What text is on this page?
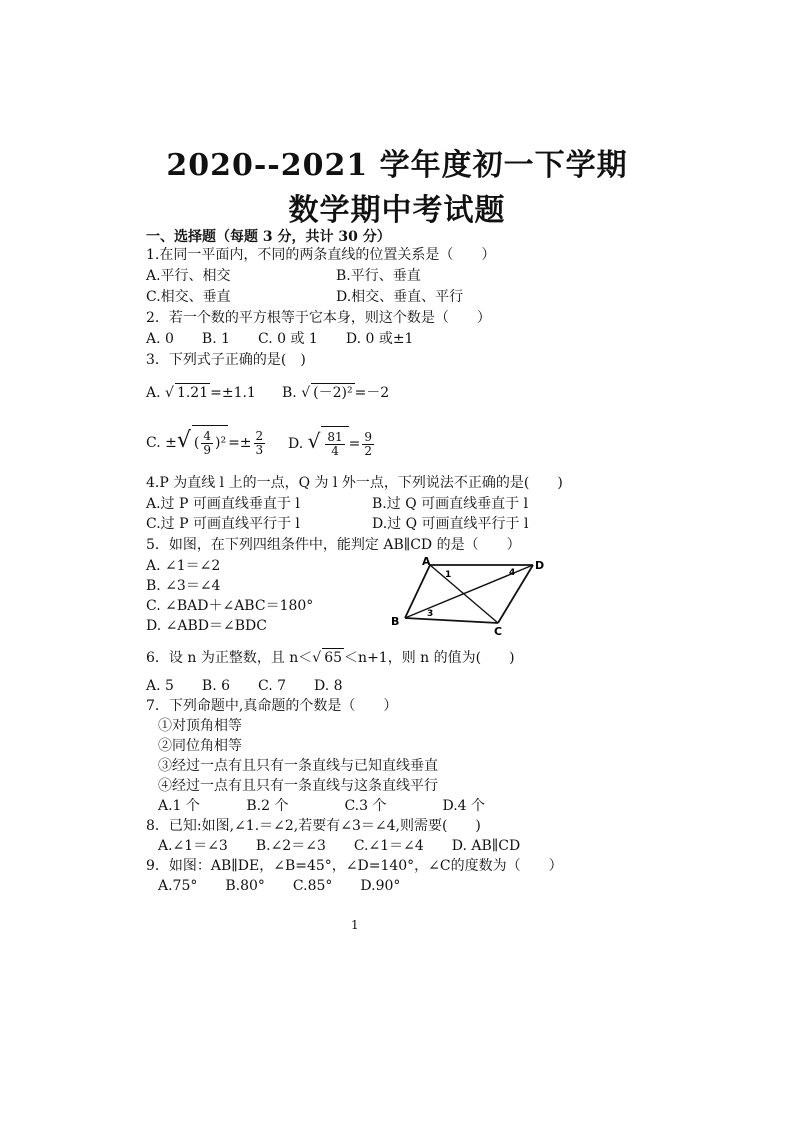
2020--2021 学年度初一下学期
数学期中考试题
一、选择题（每题 3 分，共计 30 分）
1.在同一平面内，不同的两条直线的位置关系是（　　）
A.平行、相交	B.平行、垂直
C.相交、垂直	D.相交、垂直、平行
2．若一个数的平方根等于它本身，则这个数是（　　）
A. 0　　B. 1　　C. 0 或 1　　D. 0 或±1
3．下列式子正确的是(　)
A. √ 1.21 =±1.1 B. √ (－2)² =－2
C. ±√ ( $\frac{4}{9} )^2 =\pm \frac{2}{3} D$. √ $\frac{81}{4} = \frac{9}{2}$
4.P 为直线 l 上的一点，Q 为 l 外一点，下列说法不正确的是(　　)
A.过 P 可画直线垂直于 l	B.过 Q 可画直线垂直于 l
C.过 P 可画直线平行于 l	D.过 Q 可画直线平行于 l
5．如图，在下列四组条件中，能判定 AB∥CD 的是（　　）
A. ∠1＝∠2
B. ∠3＝∠4
C. ∠BAD＋∠ABC＝180°
D. ∠ABD＝∠BDC
A	D
B
C
1	4
3
6．设 n 为正整数，且 n＜√ 65 ＜n+1，则 n 的值为(　　)
A. 5　　B. 6　　C. 7　　D. 8
7．下列命题中,真命题的个数是（　　）
①对顶角相等
②同位角相等
③经过一点有且只有一条直线与已知直线垂直
④经过一点有且只有一条直线与这条直线平行
A.1 个　　　 B.2 个　　　　C.3 个　　　　D.4 个
8．已知:如图,∠1.＝∠2,若要有∠3＝∠4,则需要(　　)
A.∠1＝∠3　　B.∠2＝∠3　　C.∠1＝∠4　　D. AB∥CD
9．如图：AB∥DE，∠B=45°，∠D=140°，∠C的度数为（　　）
A.75°　　B.80°　　C.85°　　D.90°
1
